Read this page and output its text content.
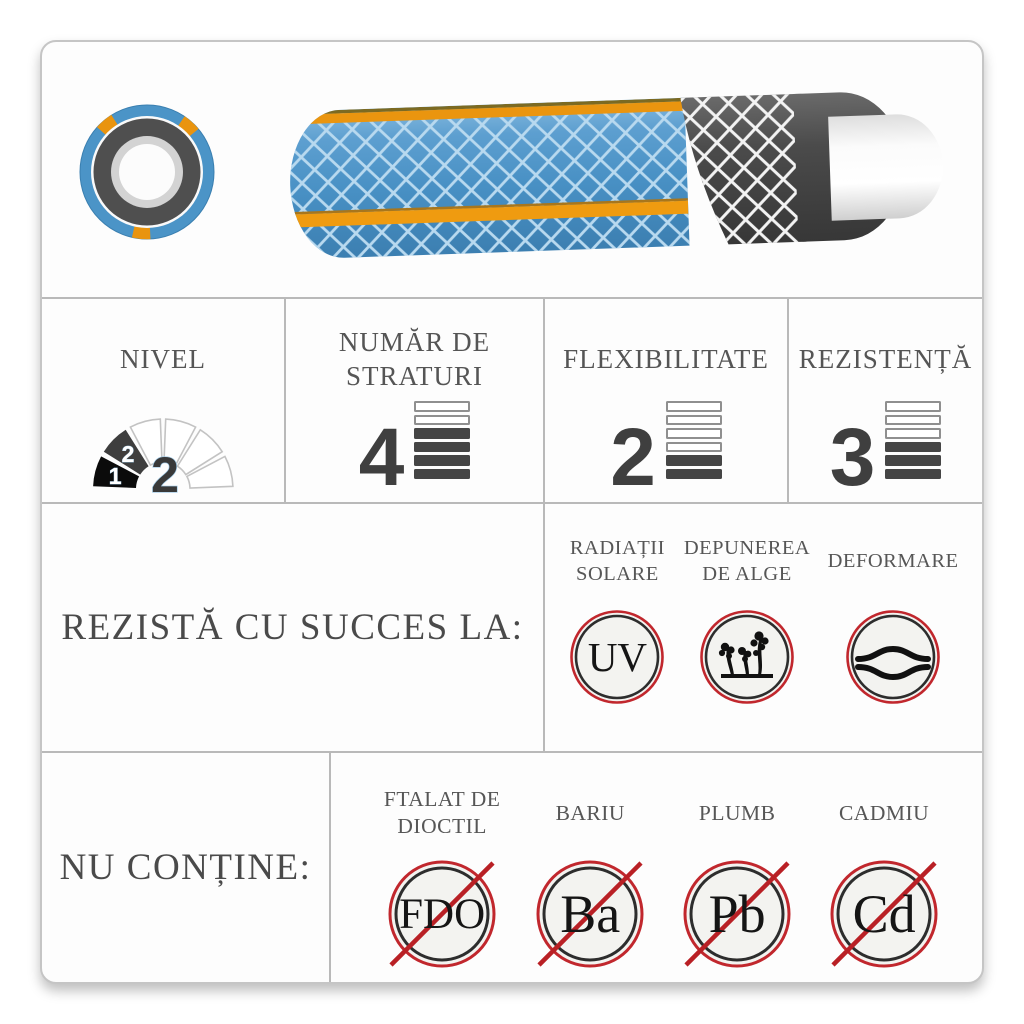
NIVEL
1
2 2
NUMĂR DE
STRATURI
4
FLEXIBILITATE
2
REZISTENȚĂ
3
REZISTĂ CU SUCCES LA:
RADIAȚII
SOLARE
UV
DEPUNEREA
DE ALGE
DEFORMARE
NU CONȚINE:
FTALAT DE
DIOCTIL
FDO
BARIU
Ba
PLUMB
Pb
CADMIU
Cd
